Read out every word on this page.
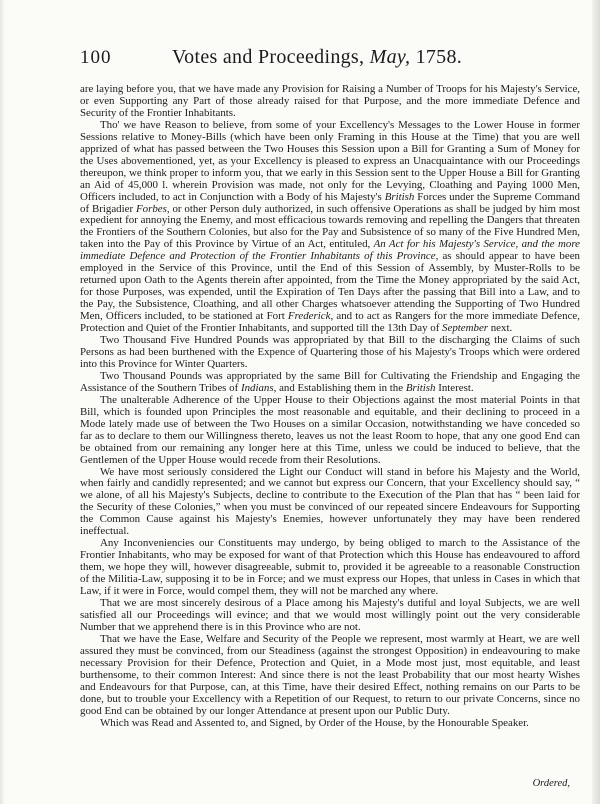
100	Votes and Proceedings, May, 1758.

are laying before you, that we have made any Provision for Raising a Number of Troops for his Majesty's Service, or even Supporting any Part of those already raised for that Purpose, and the more immediate Defence and Security of the Frontier Inhabitants.

Tho' we have Reason to believe, from some of your Excellency's Messages to the Lower House in former Sessions relative to Money-Bills (which have been only Framing in this House at the Time) that you are well apprized of what has passed between the Two Houses this Session upon a Bill for Granting a Sum of Money for the Uses abovementioned, yet, as your Excellency is pleased to express an Unacquaintance with our Proceedings thereupon, we think proper to inform you, that we early in this Session sent to the Upper House a Bill for Granting an Aid of 45,000 l. wherein Provision was made, not only for the Levying, Cloathing and Paying 1000 Men, Officers included, to act in Conjunction with a Body of his Majesty's British Forces under the Supreme Command of Brigadier Forbes, or other Person duly authorized, in such offensive Operations as shall be judged by him most expedient for annoying the Enemy, and most efficacious towards removing and repelling the Dangers that threaten the Frontiers of the Southern Colonies, but also for the Pay and Subsistence of so many of the Five Hundred Men, taken into the Pay of this Province by Virtue of an Act, entituled, An Act for his Majesty's Service, and the more immediate Defence and Protection of the Frontier Inhabitants of this Province, as should appear to have been employed in the Service of this Province, until the End of this Session of Assembly, by Muster-Rolls to be returned upon Oath to the Agents therein after appointed, from the Time the Money appropriated by the said Act, for those Purposes, was expended, until the Expiration of Ten Days after the passing that Bill into a Law, and to the Pay, the Subsistence, Cloathing, and all other Charges whatsoever attending the Supporting of Two Hundred Men, Officers included, to be stationed at Fort Frederick, and to act as Rangers for the more immediate Defence, Protection and Quiet of the Frontier Inhabitants, and supported till the 13th Day of September next.

Two Thousand Five Hundred Pounds was appropriated by that Bill to the discharging the Claims of such Persons as had been burthened with the Expence of Quartering those of his Majesty's Troops which were ordered into this Province for Winter Quarters.

Two Thousand Pounds was appropriated by the same Bill for Cultivating the Friendship and Engaging the Assistance of the Southern Tribes of Indians, and Establishing them in the British Interest.

The unalterable Adherence of the Upper House to their Objections against the most material Points in that Bill, which is founded upon Principles the most reasonable and equitable, and their declining to proceed in a Mode lately made use of between the Two Houses on a similar Occasion, notwithstanding we have conceded so far as to declare to them our Willingness thereto, leaves us not the least Room to hope, that any one good End can be obtained from our remaining any longer here at this Time, unless we could be induced to believe, that the Gentlemen of the Upper House would recede from their Resolutions.

We have most seriously considered the Light our Conduct will stand in before his Majesty and the World, when fairly and candidly represented; and we cannot but express our Concern, that your Excellency should say, “ we alone, of all his Majesty's Subjects, decline to contribute to the Execution of the Plan that has “ been laid for the Security of these Colonies,” when you must be convinced of our repeated sincere Endeavours for Supporting the Common Cause against his Majesty's Enemies, however unfortunately they may have been rendered ineffectual.

Any Inconveniencies our Constituents may undergo, by being obliged to march to the Assistance of the Frontier Inhabitants, who may be exposed for want of that Protection which this House has endeavoured to afford them, we hope they will, however disagreeable, submit to, provided it be agreeable to a reasonable Construction of the Militia-Law, supposing it to be in Force; and we must express our Hopes, that unless in Cases in which that Law, if it were in Force, would compel them, they will not be marched any where.

That we are most sincerely desirous of a Place among his Majesty's dutiful and loyal Subjects, we are well satisfied all our Proceedings will evince; and that we would most willingly point out the very considerable Number that we apprehend there is in this Province who are not.

That we have the Ease, Welfare and Security of the People we represent, most warmly at Heart, we are well assured they must be convinced, from our Steadiness (against the strongest Opposition) in endeavouring to make necessary Provision for their Defence, Protection and Quiet, in a Mode most just, most equitable, and least burthensome, to their common Interest: And since there is not the least Probability that our most hearty Wishes and Endeavours for that Purpose, can, at this Time, have their desired Effect, nothing remains on our Parts to be done, but to trouble your Excellency with a Repetition of our Request, to return to our private Concerns, since no good End can be obtained by our longer Attendance at present upon our Public Duty.

Which was Read and Assented to, and Signed, by Order of the House, by the Honourable Speaker.

Ordered,
